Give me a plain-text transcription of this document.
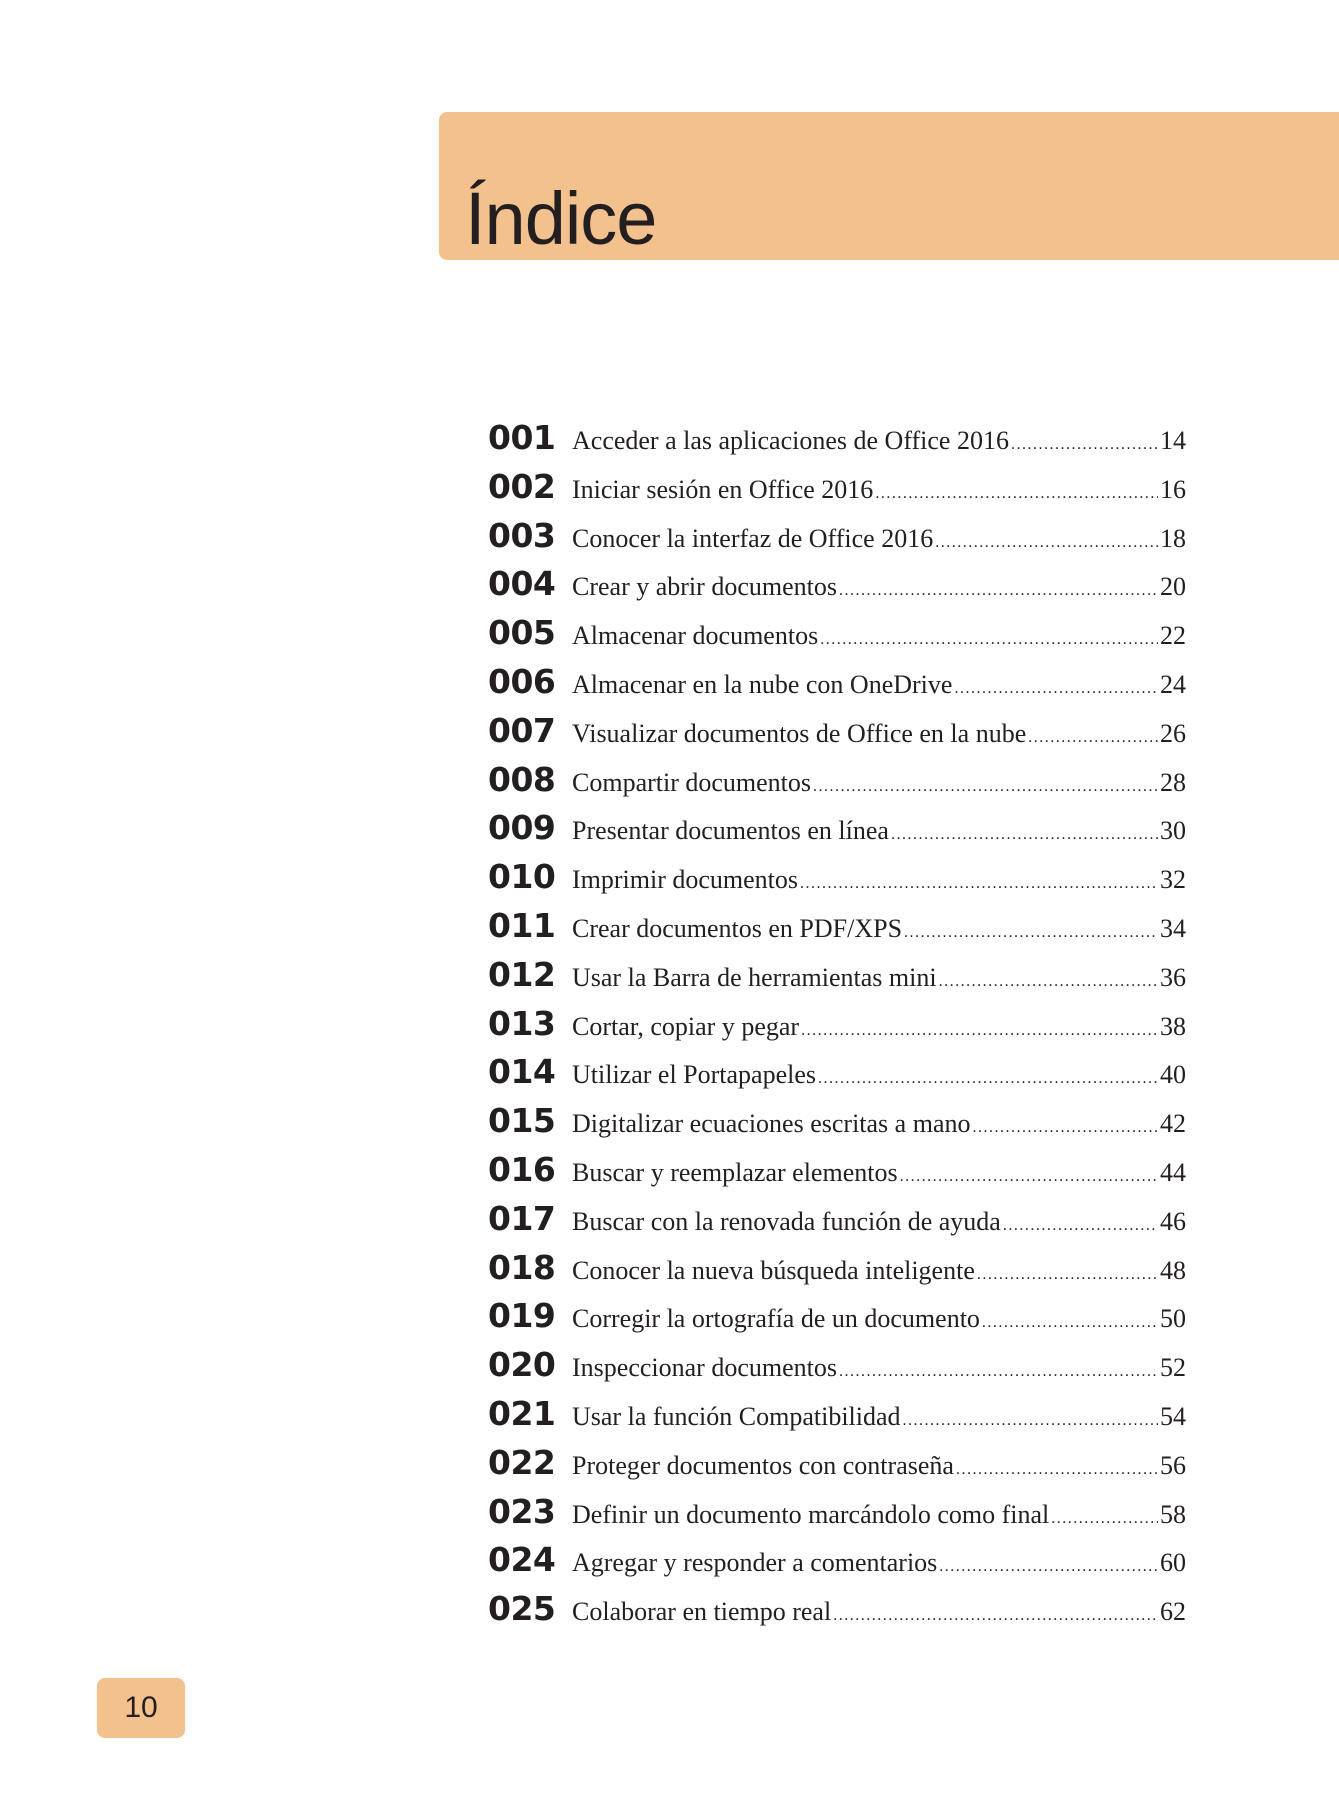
Índice
001 Acceder a las aplicaciones de Office 2016 .....	14
002 Iniciar sesión en Office 2016 .....	16
003 Conocer la interfaz de Office 2016 .....	18
004 Crear y abrir documentos .....	20
005 Almacenar documentos .....	22
006 Almacenar en la nube con OneDrive .....	24
007 Visualizar documentos de Office en la nube .....	26
008 Compartir documentos .....	28
009 Presentar documentos en línea .....	30
010 Imprimir documentos .....	32
011 Crear documentos en PDF/XPS .....	34
012 Usar la Barra de herramientas mini .....	36
013 Cortar, copiar y pegar .....	38
014 Utilizar el Portapapeles .....	40
015 Digitalizar ecuaciones escritas a mano .....	42
016 Buscar y reemplazar elementos .....	44
017 Buscar con la renovada función de ayuda .....	46
018 Conocer la nueva búsqueda inteligente .....	48
019 Corregir la ortografía de un documento .....	50
020 Inspeccionar documentos .....	52
021 Usar la función Compatibilidad .....	54
022 Proteger documentos con contraseña .....	56
023 Definir un documento marcándolo como final .....	58
024 Agregar y responder a comentarios .....	60
025 Colaborar en tiempo real .....	62
10
